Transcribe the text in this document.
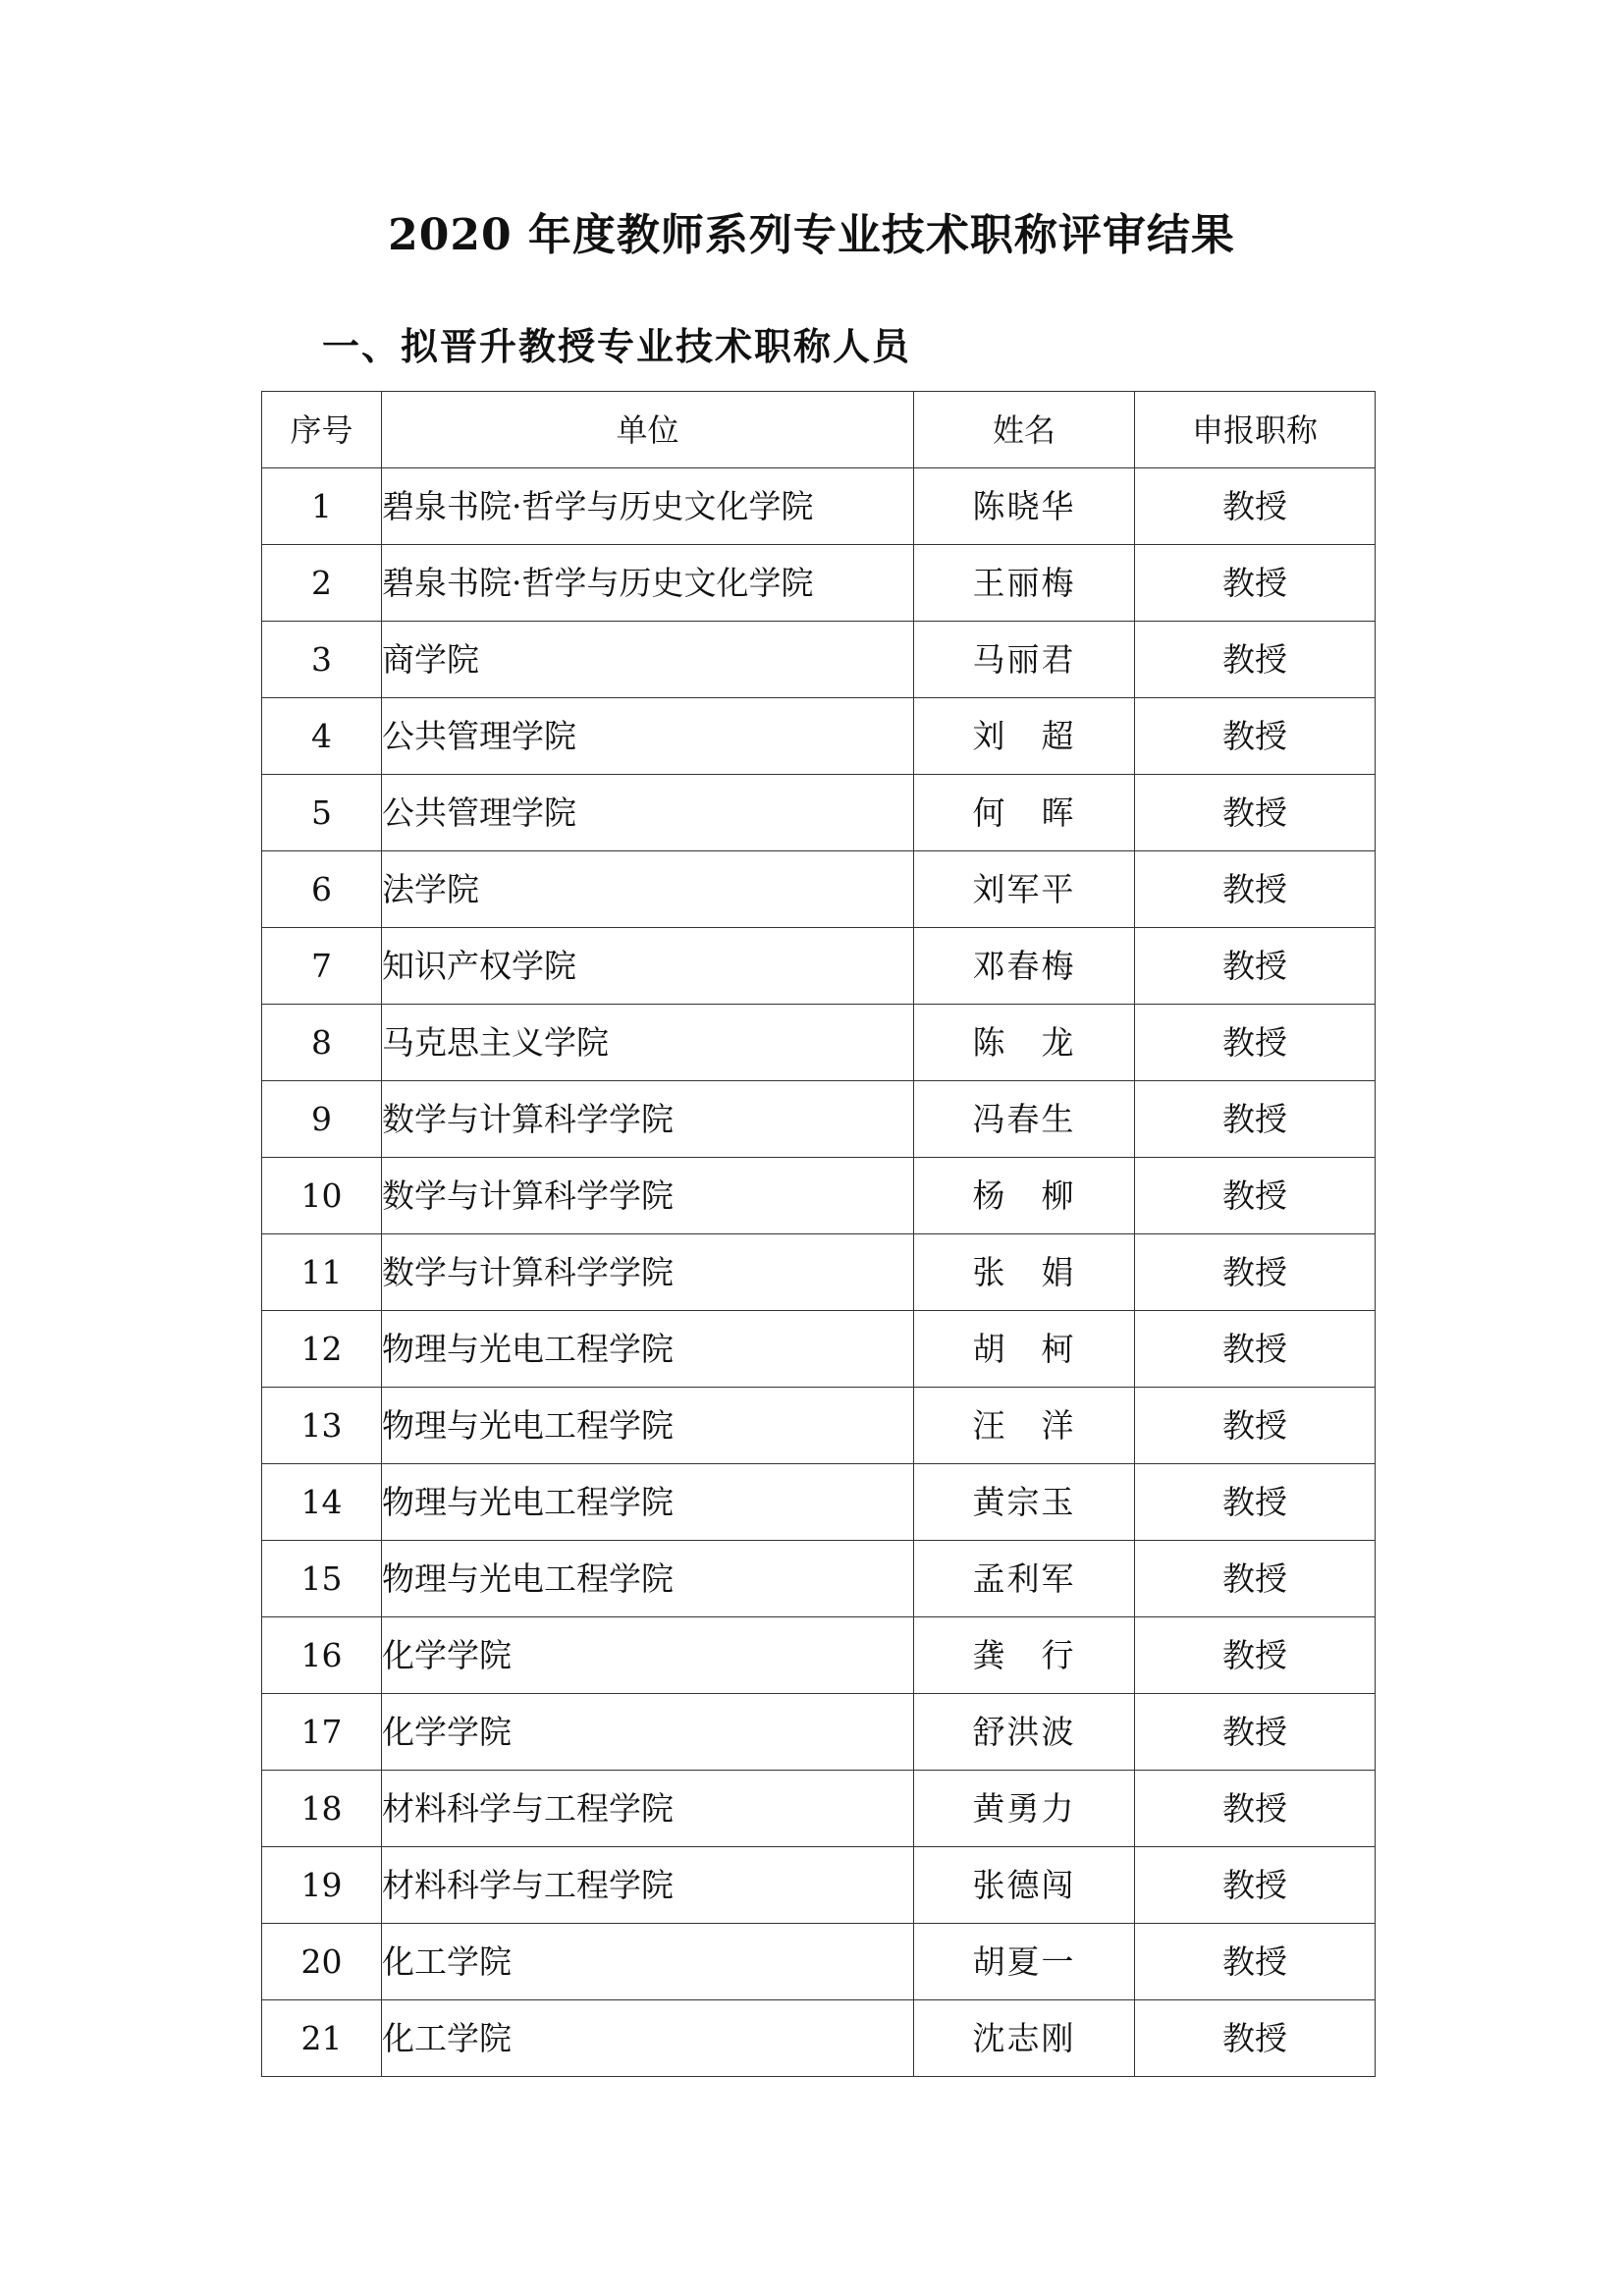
2020 年度教师系列专业技术职称评审结果
一、拟晋升教授专业技术职称人员
序号	单位	姓名	申报职称
1	碧泉书院·哲学与历史文化学院	陈晓华	教授
2	碧泉书院·哲学与历史文化学院	王丽梅	教授
3	商学院	马丽君	教授
4	公共管理学院	刘　超	教授
5	公共管理学院	何　晖	教授
6	法学院	刘军平	教授
7	知识产权学院	邓春梅	教授
8	马克思主义学院	陈　龙	教授
9	数学与计算科学学院	冯春生	教授
10	数学与计算科学学院	杨　柳	教授
11	数学与计算科学学院	张　娟	教授
12	物理与光电工程学院	胡　柯	教授
13	物理与光电工程学院	汪　洋	教授
14	物理与光电工程学院	黄宗玉	教授
15	物理与光电工程学院	孟利军	教授
16	化学学院	龚　行	教授
17	化学学院	舒洪波	教授
18	材料科学与工程学院	黄勇力	教授
19	材料科学与工程学院	张德闯	教授
20	化工学院	胡夏一	教授
21	化工学院	沈志刚	教授
